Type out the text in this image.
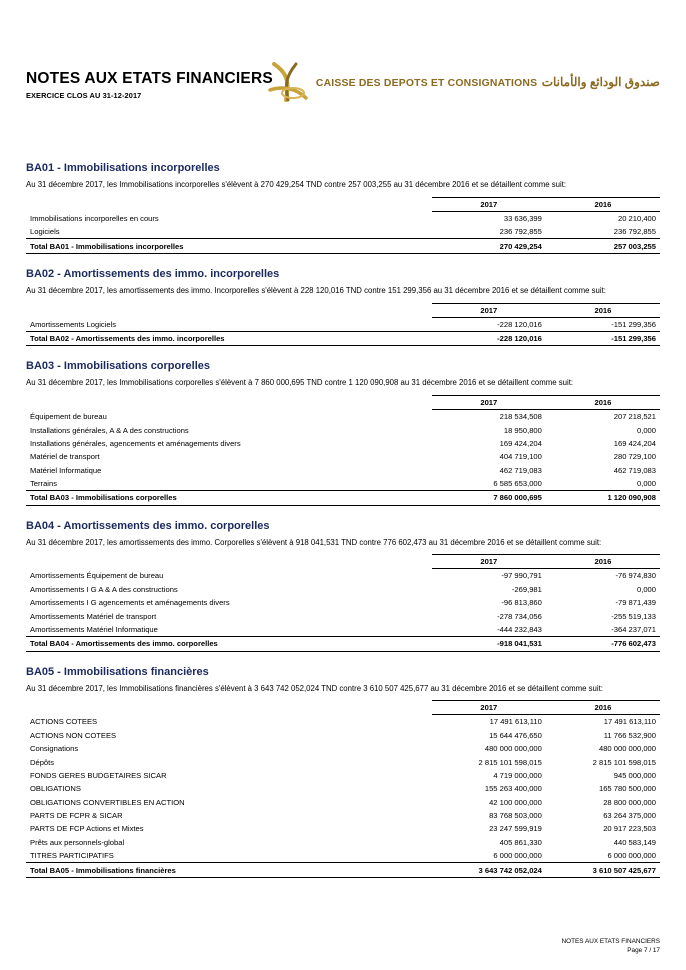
NOTES AUX ETATS FINANCIERS
EXERCICE CLOS AU 31-12-2017
CAISSE DES DEPOTS ET CONSIGNATIONS صندوق الودائع والأمانات
BA01 - Immobilisations incorporelles

Au 31 décembre 2017, les Immobilisations incorporelles s'élèvent à 270 429,254 TND contre 257 003,255 au 31 décembre 2016 et se détaillent comme suit:

	2017	2016
Immobilisations incorporelles en cours	33 636,399	20 210,400
Logiciels	236 792,855	236 792,855
Total BA01 - Immobilisations incorporelles	270 429,254	257 003,255
BA02 - Amortissements des immo. incorporelles

Au 31 décembre 2017, les amortissements des immo. Incorporelles s'élèvent à 228 120,016 TND contre 151 299,356 au 31 décembre 2016 et se détaillent comme suit:

	2017	2016
Amortissements Logiciels	-228 120,016	-151 299,356
Total BA02 - Amortissements des immo. incorporelles	-228 120,016	-151 299,356
BA03 - Immobilisations corporelles

Au 31 décembre 2017, les Immobilisations corporelles s'élèvent à 7 860 000,695 TND contre 1 120 090,908 au 31 décembre 2016 et se détaillent comme suit:

	2017	2016
Équipement de bureau	218 534,508	207 218,521
Installations générales, A & A des constructions	18 950,800	0,000
Installations générales, agencements et aménagements divers	169 424,204	169 424,204
Matériel de transport	404 719,100	280 729,100
Matériel Informatique	462 719,083	462 719,083
Terrains	6 585 653,000	0,000
Total BA03 - Immobilisations corporelles	7 860 000,695	1 120 090,908
BA04 - Amortissements des immo. corporelles

Au 31 décembre 2017, les amortissements des immo. Corporelles s'élèvent à 918 041,531 TND contre 776 602,473 au 31 décembre 2016 et se détaillent comme suit:

	2017	2016
Amortissements Équipement de bureau	-97 990,791	-76 974,830
Amortissements I G A & A des constructions	-269,981	0,000
Amortissements I G agencements et aménagements divers	-96 813,860	-79 871,439
Amortissements Matériel de transport	-278 734,056	-255 519,133
Amortissements Matériel Informatique	-444 232,843	-364 237,071
Total BA04 - Amortissements des immo. corporelles	-918 041,531	-776 602,473
BA05 - Immobilisations financières

Au 31 décembre 2017, les Immobilisations financières s'élèvent à 3 643 742 052,024 TND contre 3 610 507 425,677 au 31 décembre 2016 et se détaillent comme suit:

	2017	2016
ACTIONS COTEES	17 491 613,110	17 491 613,110
ACTIONS NON COTEES	15 644 476,650	11 766 532,900
Consignations	480 000 000,000	480 000 000,000
Dépôts	2 815 101 598,015	2 815 101 598,015
FONDS GERES BUDGETAIRES SICAR	4 719 000,000	945 000,000
OBLIGATIONS	155 263 400,000	165 780 500,000
OBLIGATIONS CONVERTIBLES EN ACTION	42 100 000,000	28 800 000,000
PARTS DE FCPR & SICAR	83 768 503,000	63 264 375,000
PARTS DE FCP Actions et Mixtes	23 247 599,919	20 917 223,503
Prêts aux personnels-global	405 861,330	440 583,149
TITRES PARTICIPATIFS	6 000 000,000	6 000 000,000
Total BA05 - Immobilisations financières	3 643 742 052,024	3 610 507 425,677
NOTES AUX ETATS FINANCIERS
Page 7 / 17
